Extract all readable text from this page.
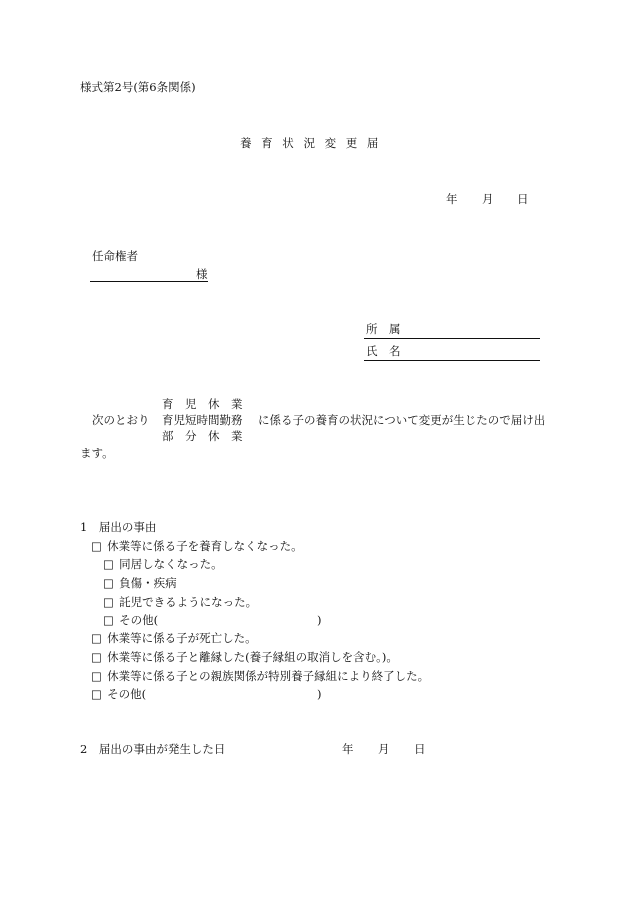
様式第2号(第6条関係)
養 育 状 況 変 更 届
年 月 日
任命権者
様
所　属
氏　名
育　児　休　業
次のとおり 育児短時間勤務 に係る子の養育の状況について変更が生じたので届け出
部　分　休　業
ます。
1　届出の事由
□ 休業等に係る子を養育しなくなった。
□ 同居しなくなった。
□ 負傷・疾病
□ 託児できるようになった。
□ その他(	)
□ 休業等に係る子が死亡した。
□ 休業等に係る子と離縁した(養子縁組の取消しを含む。)。
□ 休業等に係る子との親族関係が特別養子縁組により終了した。
□ その他(	)
2　届出の事由が発生した日	年 月 日
